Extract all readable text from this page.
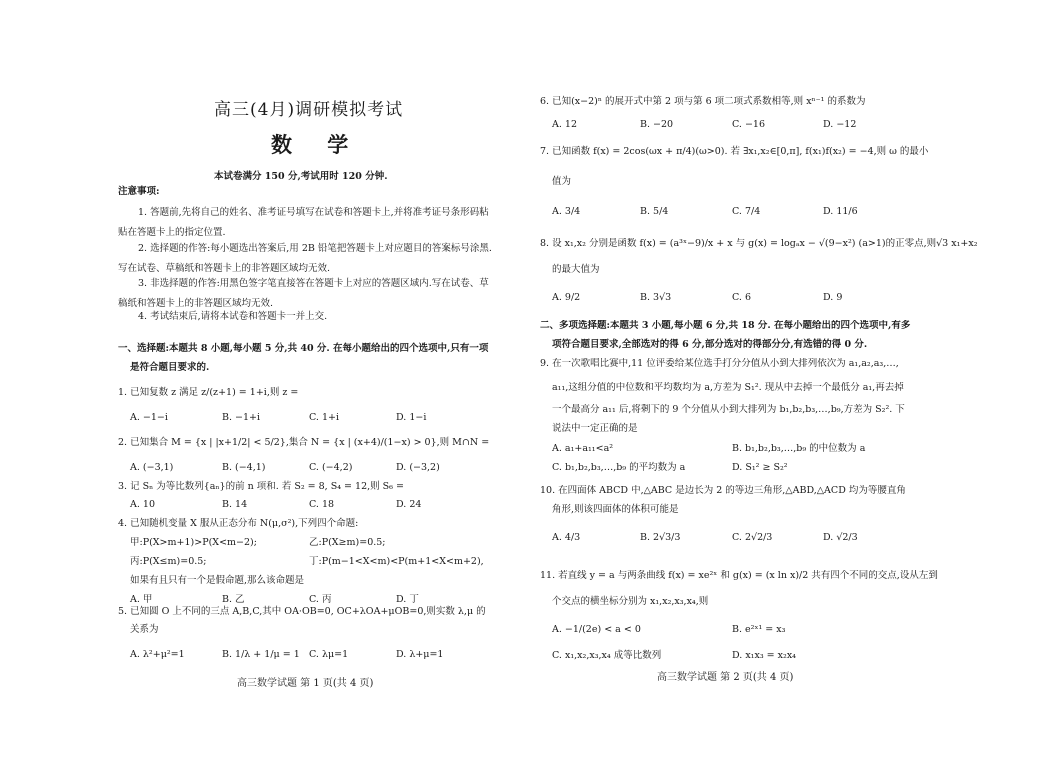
高三(4月)调研模拟考试
数 学
本试卷满分 150 分,考试用时 120 分钟.
注意事项:
1. 答题前,先将自己的姓名、准考证号填写在试卷和答题卡上,并将准考证号条形码粘贴在答题卡上的指定位置.
2. 选择题的作答:每小题选出答案后,用 2B 铅笔把答题卡上对应题目的答案标号涂黑.写在试卷、草稿纸和答题卡上的非答题区域均无效.
3. 非选择题的作答:用黑色签字笔直接答在答题卡上对应的答题区域内.写在试卷、草稿纸和答题卡上的非答题区域均无效.
4. 考试结束后,请将本试卷和答题卡一并上交.
一、选择题:本题共 8 小题,每小题 5 分,共 40 分. 在每小题给出的四个选项中,只有一项
是符合题目要求的.
1. 已知复数 z 满足 z/(z+1) = 1+i,则 z =
A. −1−i	B. −1+i	C. 1+i	D. 1−i
2. 已知集合 M = {x | |x+1/2| < 5/2},集合 N = {x | (x+4)/(1−x) > 0},则 M∩N =
A. (−3,1)	B. (−4,1)	C. (−4,2)	D. (−3,2)
3. 记 Sₙ 为等比数列{aₙ}的前 n 项和. 若 S₂ = 8, S₄ = 12,则 S₆ =
A. 10	B. 14	C. 18	D. 24
4. 已知随机变量 X 服从正态分布 N(μ,σ²),下列四个命题:
甲:P(X>m+1)>P(X<m−2);	乙:P(X≥m)=0.5;
丙:P(X≤m)=0.5;	丁:P(m−1<X<m)<P(m+1<X<m+2),
如果有且只有一个是假命题,那么该命题是
A. 甲	B. 乙	C. 丙	D. 丁
5. 已知圆 O 上不同的三点 A,B,C,其中 OA·OB=0, OC+λOA+μOB=0,则实数 λ,μ 的
关系为
A. λ²+μ²=1	B. 1/λ + 1/μ = 1 C. λμ=1	D. λ+μ=1
高三数学试题 第 1 页(共 4 页)
6. 已知(x−2)ⁿ 的展开式中第 2 项与第 6 项二项式系数相等,则 xⁿ⁻¹ 的系数为
A. 12	B. −20	C. −16	D. −12
7. 已知函数 f(x) = 2cos(ωx + π/4)(ω>0). 若 ∃x₁,x₂∈[0,π], f(x₁)f(x₂) = −4,则 ω 的最小
值为
A. 3/4	B. 5/4	C. 7/4	D. 11/6
8. 设 x₁,x₂ 分别是函数 f(x) = (a³ˣ−9)/x + x 与 g(x) = logₐx − √(9−x²) (a>1)的正零点,则√3 x₁+x₂
的最大值为
A. 9/2	B. 3√3	C. 6	D. 9
二、多项选择题:本题共 3 小题,每小题 6 分,共 18 分. 在每小题给出的四个选项中,有多
项符合题目要求,全部选对的得 6 分,部分选对的得部分分,有选错的得 0 分.
9. 在一次歌唱比赛中,11 位评委给某位选手打分分值从小到大排列依次为 a₁,a₂,a₃,…,
a₁₁,这组分值的中位数和平均数均为 a,方差为 S₁². 现从中去掉一个最低分 a₁,再去掉
一个最高分 a₁₁ 后,将剩下的 9 个分值从小到大排列为 b₁,b₂,b₃,…,b₉,方差为 S₂². 下
说法中一定正确的是
A. a₁+a₁₁<a²	B. b₁,b₂,b₃,…,b₉ 的中位数为 a
C. b₁,b₂,b₃,…,b₉ 的平均数为 a	D. S₁² ≥ S₂²
10. 在四面体 ABCD 中,△ABC 是边长为 2 的等边三角形,△ABD,△ACD 均为等腰直角
角形,则该四面体的体积可能是
A. 4/3	B. 2√3/3	C. 2√2/3	D. √2/3
11. 若直线 y = a 与两条曲线 f(x) = xe²ˣ 和 g(x) = (x ln x)/2 共有四个不同的交点,设从左到
个交点的横坐标分别为 x₁,x₂,x₃,x₄,则
A. −1/(2e) < a < 0	B. e²ˣ¹ = x₃
C. x₁,x₂,x₃,x₄ 成等比数列	D. x₁x₃ = x₂x₄
高三数学试题 第 2 页(共 4 页)
